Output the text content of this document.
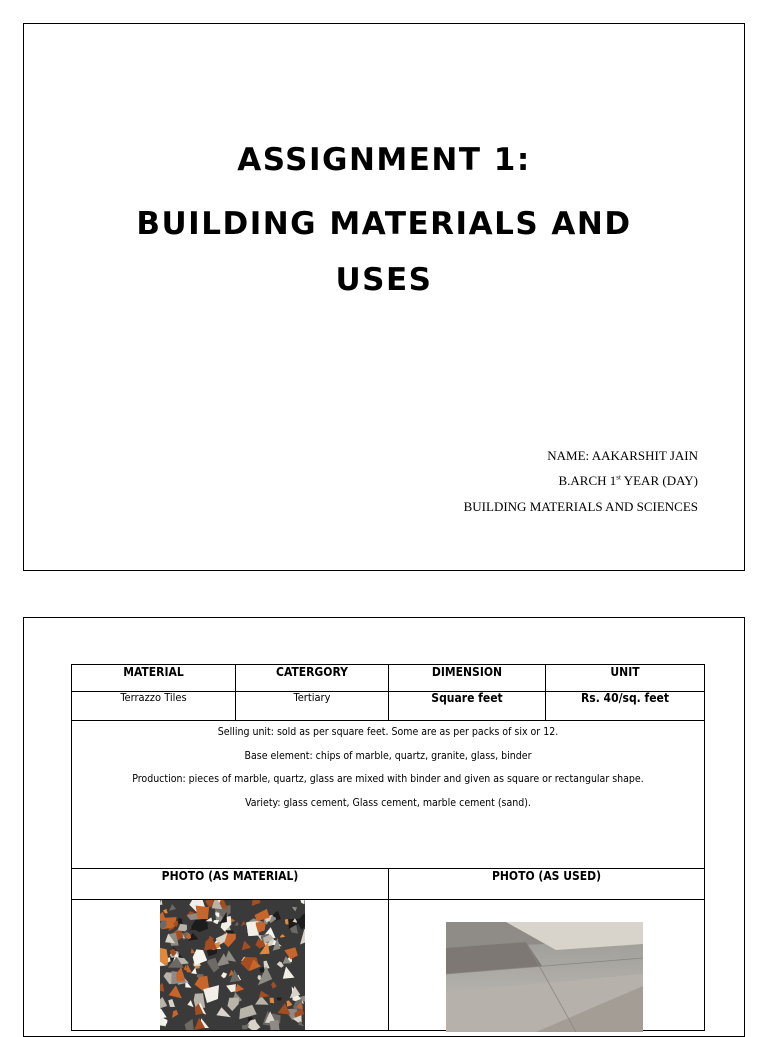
ASSIGNMENT 1:
BUILDING MATERIALS AND
USES
NAME: AAKARSHIT JAIN
B.ARCH 1st YEAR (DAY)
BUILDING MATERIALS AND SCIENCES
MATERIAL	CATERGORY	DIMENSION	UNIT
Terrazzo Tiles	Tertiary	Square feet	Rs. 40/sq. feet

Selling unit: sold as per square feet. Some are as per packs of six or 12.
Base element: chips of marble, quartz, granite, glass, binder
Production: pieces of marble, quartz, glass are mixed with binder and given as square or rectangular shape.
Variety: glass cement, Glass cement, marble cement (sand).			

PHOTO (AS MATERIAL)		PHOTO (AS USED)	
